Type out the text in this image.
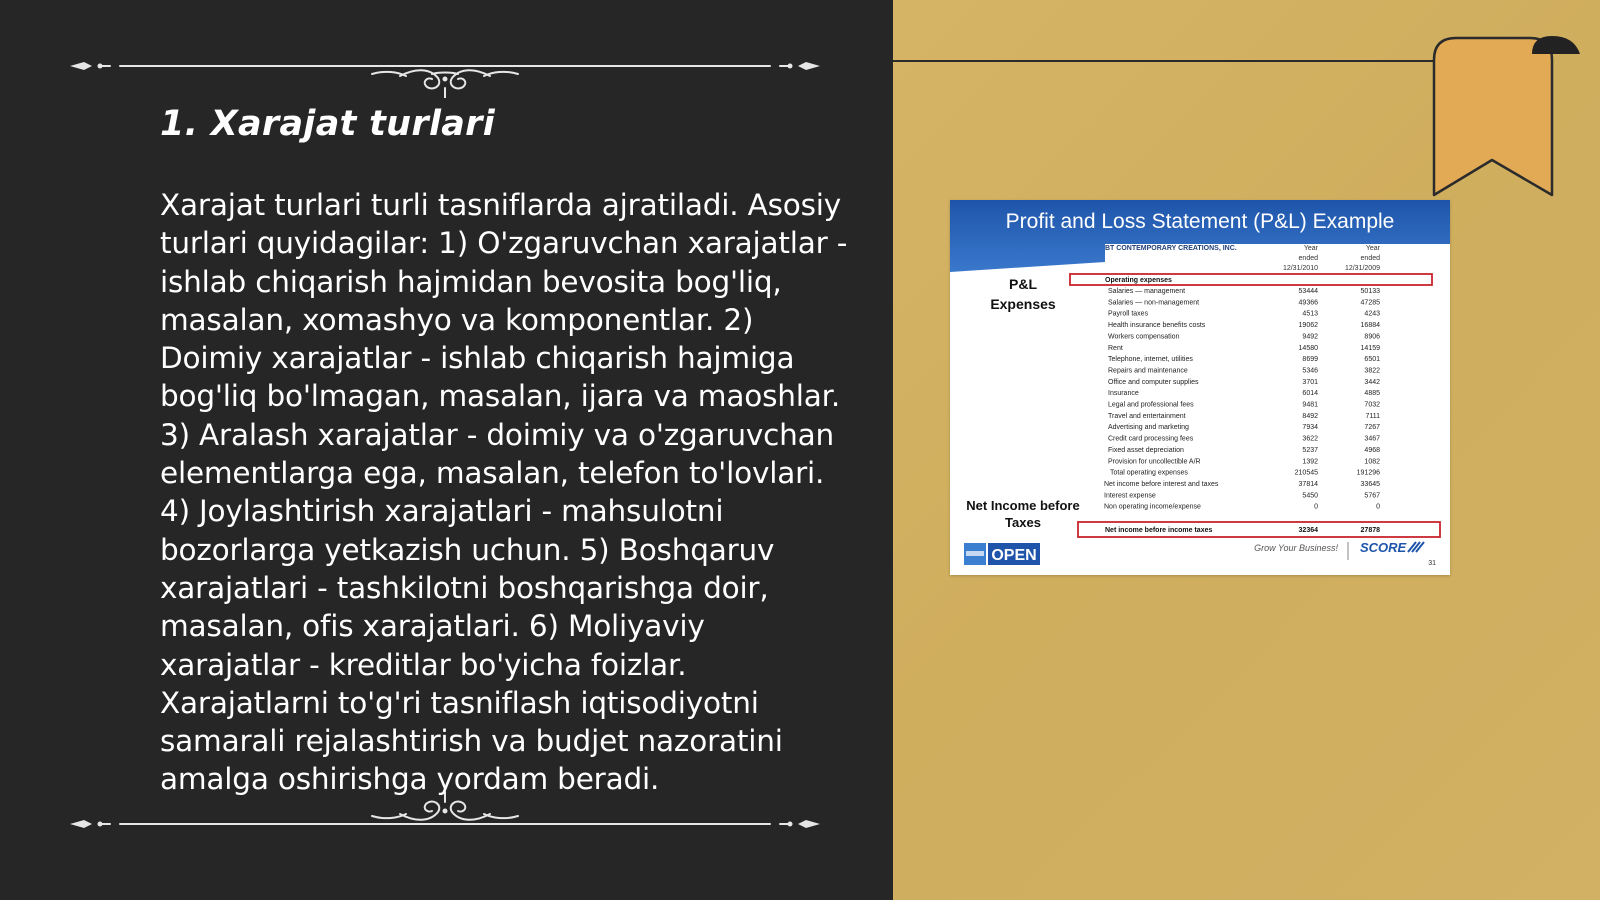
1. Xarajat turlari

Xarajat turlari turli tasniflarda ajratiladi. Asosiy turlari quyidagilar: 1) O'zgaruvchan xarajatlar - ishlab chiqarish hajmidan bevosita bog'liq, masalan, xomashyo va komponentlar. 2) Doimiy xarajatlar - ishlab chiqarish hajmiga bog'liq bo'lmagan, masalan, ijara va maoshlar. 3) Aralash xarajatlar - doimiy va o'zgaruvchan elementlarga ega, masalan, telefon to'lovlari. 4) Joylashtirish xarajatlari - mahsulotni bozorlarga yetkazish uchun. 5) Boshqaruv xarajatlari - tashkilotni boshqarishga doir, masalan, ofis xarajatlari. 6) Moliyaviy xarajatlar - kreditlar bo'yicha foizlar. Xarajatlarni to'g'ri tasniflash iqtisodiyotni samarali rejalashtirish va budjet nazoratini amalga oshirishga yordam beradi.

Profit and Loss Statement (P&L) Example
BT CONTEMPORARY CREATIONS, INC.	Year
ended
12/31/2010
Year
ended
12/31/2009
P&L
Expenses
Net Income before
Taxes
Operating expenses
Salaries — management	53444	50133
Salaries — non-management	49366	47285
Payroll taxes	4513	4243
Health insurance benefits costs	19062	16884
Workers compensation	9492	8906
Rent	14580	14159
Telephone, internet, utilities	8699	6501
Repairs and maintenance	5346	3822
Office and computer supplies	3701	3442
Insurance	6014	4885
Legal and professional fees	9481	7032
Travel and entertainment	8492	7111
Advertising and marketing	7934	7267
Credit card processing fees	3622	3467
Fixed asset depreciation	5237	4968
Provision for uncollectible A/R	1392	1082
Total operating expenses	210545	191296
Net income before interest and taxes	37814	33645
Interest expense	5450	5767
Non operating income/expense	0	0
Net income before income taxes	32364	27878
OPEN	Grow Your Business! SCORE
31
